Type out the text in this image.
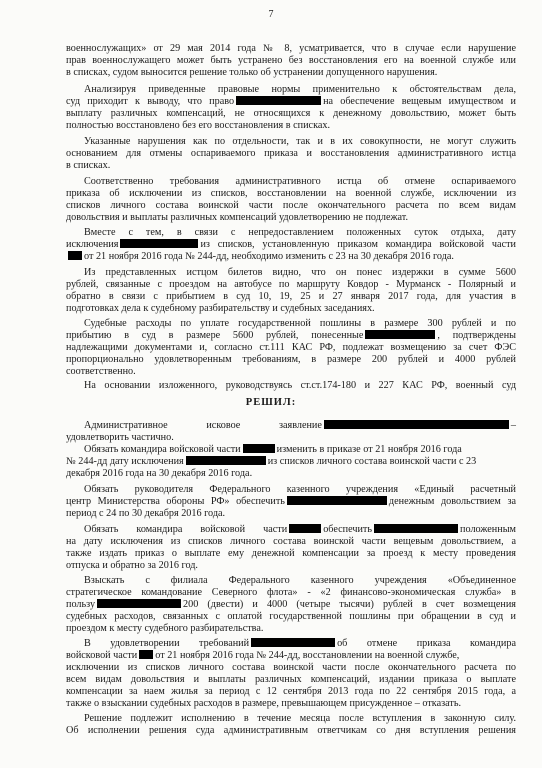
7
РЕШИЛ:
военнослужащих» от 29 мая 2014 года № 8, усматривается, что в случае если нарушение
прав военнослужащего может быть устранено без восстановления его на военной службе или
в списках, судом выносится решение только об устранении допущенного нарушения.
Анализируя приведенные правовые нормы применительно к обстоятельствам дела,
суд приходит к выводу, что право	на обеспечение вещевым имуществом и
выплату различных компенсаций, не относящихся к денежному довольствию, может быть
полностью восстановлено без его восстановления в списках.
Указанные нарушения как по отдельности, так и в их совокупности, не могут служить
основанием для отмены оспариваемого приказа и восстановления административного истца
в списках.
Соответственно требования административного истца об отмене оспариваемого
приказа об исключении из списков, восстановлении на военной службе, исключении из
списков личного состава воинской части после окончательного расчета по всем видам
довольствия и выплаты различных компенсаций удовлетворению не подлежат.
Вместе с тем, в связи с непредоставлением положенных суток отдыха, дату
исключения	из списков, установленную приказом командира войсковой части
от 21 ноября 2016 года № 244-дд, необходимо изменить с 23 на 30 декабря 2016 года.
Из представленных истцом билетов видно, что он понес издержки в сумме 5600
рублей, связанные с проездом на автобусе по маршруту Ковдор - Мурманск - Полярный и
обратно в связи с прибытием в суд 10, 19, 25 и 27 января 2017 года, для участия в
подготовках дела к судебному разбирательству и судебных заседаниях.
Судебные расходы по уплате государственной пошлины в размере 300 рублей и по
прибытию в суд в размере 5600 рублей, понесенные	, подтверждены
надлежащими документами и, согласно ст.111 КАС РФ, подлежат возмещению за счет ФЭС
пропорционально удовлетворенным требованиям, в размере 200 рублей и 4000 рублей
соответственно.
На основании изложенного, руководствуясь ст.ст.174-180 и 227 КАС РФ, военный суд
Административное исковое заявление	–
удовлетворить частично.
Обязать командира войсковой части	изменить в приказе от 21 ноября 2016 года
№ 244-дд дату исключения	из списков личного состава воинской части с 23
декабря 2016 года на 30 декабря 2016 года.
Обязать руководителя Федерального казенного учреждения «Единый расчетный
центр Министерства обороны РФ» обеспечить	денежным довольствием за
период с 24 по 30 декабря 2016 года.
Обязать командира войсковой части	обеспечить	положенным
на дату исключения из списков личного состава воинской части вещевым довольствием, а
также издать приказ о выплате ему денежной компенсации за проезд к месту проведения
отпуска и обратно за 2016 год.
Взыскать с филиала Федерального казенного учреждения «Объединенное
стратегическое командование Северного флота» - «2 финансово-экономическая служба» в
пользу	200 (двести) и 4000 (четыре тысячи) рублей в счет возмещения
судебных расходов, связанных с оплатой государственной пошлины при обращении в суд и
проездом к месту судебного разбирательства.
В удовлетворении требований	об отмене приказа командира
войсковой части от 21 ноября 2016 года № 244-дд, восстановлении на военной службе,
исключении из списков личного состава воинской части после окончательного расчета по
всем видам довольствия и выплаты различных компенсаций, издании приказа о выплате
компенсации за наем жилья за период с 12 сентября 2013 года по 22 сентября 2015 года, а
также о взыскании судебных расходов в размере, превышающем присужденное – отказать.
Решение подлежит исполнению в течение месяца после вступления в законную силу.
Об исполнении решения суда административным ответчикам со дня вступления решения
